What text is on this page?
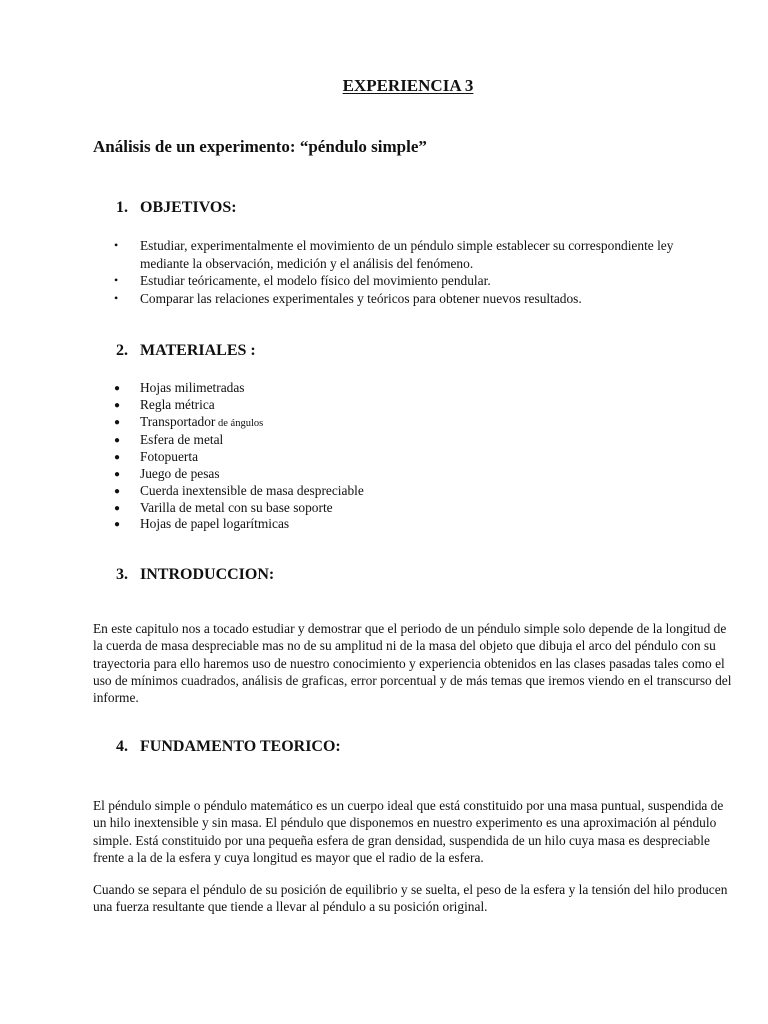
EXPERIENCIA 3
Análisis de un experimento: “péndulo simple”
1. OBJETIVOS:
• Estudiar, experimentalmente el movimiento de un péndulo simple establecer su correspondiente ley mediante la observación, medición y el análisis del fenómeno.
• Estudiar teóricamente, el modelo físico del movimiento pendular.
• Comparar las relaciones experimentales y teóricos para obtener nuevos resultados.
2. MATERIALES :
● Hojas milimetradas
● Regla métrica
● Transportador de ángulos
● Esfera de metal
● Fotopuerta
● Juego de pesas
● Cuerda inextensible de masa despreciable
● Varilla de metal con su base soporte
● Hojas de papel logarítmicas
3. INTRODUCCION:

En este capitulo nos a tocado estudiar y demostrar que el periodo de un péndulo simple solo depende de la longitud de la cuerda de masa despreciable mas no de su amplitud ni de la masa del objeto que dibuja el arco del péndulo con su trayectoria para ello haremos uso de nuestro conocimiento y experiencia obtenidos en las clases pasadas tales como el uso de mínimos cuadrados, análisis de graficas, error porcentual y de más temas que iremos viendo en el transcurso del informe.

4. FUNDAMENTO TEORICO:

El péndulo simple o péndulo matemático es un cuerpo ideal que está constituido por una masa puntual, suspendida de un hilo inextensible y sin masa. El péndulo que disponemos en nuestro experimento es una aproximación al péndulo simple. Está constituido por una pequeña esfera de gran densidad, suspendida de un hilo cuya masa es despreciable frente a la de la esfera y cuya longitud es mayor que el radio de la esfera.

Cuando se separa el péndulo de su posición de equilibrio y se suelta, el peso de la esfera y la tensión del hilo producen una fuerza resultante que tiende a llevar al péndulo a su posición original.
